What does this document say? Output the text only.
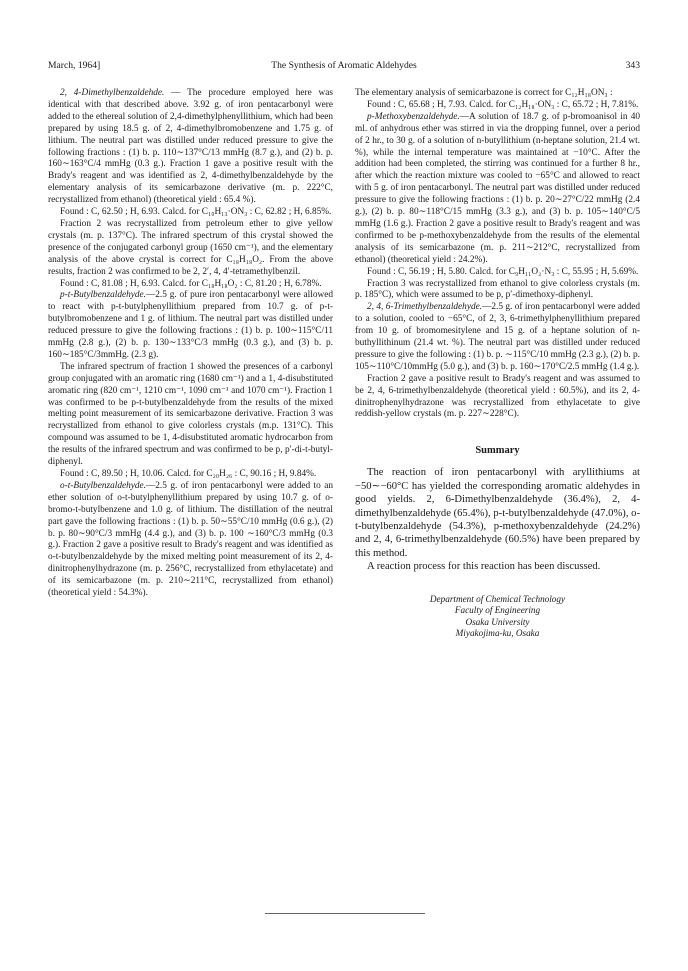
March, 1964]	The Synthesis of Aromatic Aldehydes	343

2, 4-Dimethylbenzaldehde. — The procedure employed here was identical with that described above. 3.92 g. of iron pentacarbonyl were added to the ethereal solution of 2,4-dimethylphenyllithium, which had been prepared by using 18.5 g. of 2, 4-dimethylbromobenzene and 1.75 g. of lithium. The neutral part was distilled under reduced pressure to give the following fractions : (1) b. p. 110∼137°C/13 mmHg (8.7 g.), and (2) b. p. 160∼163°C/4 mmHg (0.3 g.). Fraction 1 gave a positive result with the Brady's reagent and was identified as 2, 4-dimethylbenzaldehyde by the elementary analysis of its semicarbazone derivative (m. p. 222°C, recrystallized from ethanol) (theoretical yield : 65.4 %).

Found : C, 62.50 ; H, 6.93. Calcd. for C₁₀H₁₃·ON₃ : C, 62.82 ; H, 6.85%.

Fraction 2 was recrystallized from petroleum ether to give yellow crystals (m. p. 137°C). The infrared spectrum of this crystal showed the presence of the conjugated carbonyl group (1650 cm⁻¹), and the elementary analysis of the above crystal is correct for C₁₈H₁₈O₂. From the above results, fraction 2 was confirmed to be 2, 2′, 4, 4′-tetramethylbenzil.

Found : C, 81.08 ; H, 6.93. Calcd. for C₁₈H₁₈O₂ : C, 81.20 ; H, 6.78%.

p-t-Butylbenzaldehyde.—2.5 g. of pure iron pentacarbonyl were allowed to react with p-t-butylphenyllithium prepared from 10.7 g. of p-t-butylbromobenzene and 1 g. of lithium. The neutral part was distilled under reduced pressure to give the following fractions : (1) b. p. 100∼115°C/11 mmHg (2.8 g.), (2) b. p. 130∼133°C/3 mmHg (0.3 g.), and (3) b. p. 160∼185°C/3mmHg. (2.3 g).

The infrared spectrum of fraction 1 showed the presences of a carbonyl group conjugated with an aromatic ring (1680 cm⁻¹) and a 1, 4-disubstituted aromatic ring (820 cm⁻¹, 1210 cm⁻¹, 1090 cm⁻¹ and 1070 cm⁻¹). Fraction 1 was confirmed to be p-t-butylbenzaldehyde from the results of the mixed melting point measurement of its semicarbazone derivative. Fraction 3 was recrystallized from ethanol to give colorless crystals (m.p. 131°C). This compound was assumed to be 1, 4-disubstituted aromatic hydrocarbon from the results of the infrared spectrum and was confirmed to be p, p′-di-t-butyl-diphenyl.

Found : C, 89.50 ; H, 10.06. Calcd. for C₂₀H₂₆ : C, 90.16 ; H, 9.84%.

o-t-Butylbenzaldehyde.—2.5 g. of iron pentacarbonyl were added to an ether solution of o-t-butylphenyllithium prepared by using 10.7 g. of o-bromo-t-butylbenzene and 1.0 g. of lithium. The distillation of the neutral part gave the following fractions : (1) b. p. 50∼55°C/10 mmHg (0.6 g.), (2) b. p. 80∼90°C/3 mmHg (4.4 g.), and (3) b. p. 100 ∼160°C/3 mmHg (0.3 g.). Fraction 2 gave a positive result to Brady's reagent and was identified as o-t-butylbenzaldehyde by the mixed melting point measurement of its 2, 4-dinitrophenylhydrazone (m. p. 256°C, recrystallized from ethylacetate) and of its semicarbazone (m. p. 210∼211°C, recrystallized from ethanol) (theoretical yield : 54.3%).

The elementary analysis of semicarbazone is correct for C₁₂H₁₈ON₃ :

Found : C, 65.68 ; H, 7.93. Calcd. for C₁₂H₁₈·ON₃ : C, 65.72 ; H, 7.81%.

p-Methoxybenzaldehyde.—A solution of 18.7 g. of p-bromoanisol in 40 ml. of anhydrous ether was stirred in via the dropping funnel, over a period of 2 hr., to 30 g. of a solution of n-butyllithium (n-heptane solution, 21.4 wt. %), while the internal temperature was maintained at −10°C. After the addition had been completed, the stirring was continued for a further 8 hr., after which the reaction mixture was cooled to −65°C and allowed to react with 5 g. of iron pentacarbonyl. The neutral part was distilled under reduced pressure to give the following fractions : (1) b. p. 20∼27°C/22 mmHg (2.4 g.), (2) b. p. 80∼118°C/15 mmHg (3.3 g.), and (3) b. p. 105∼140°C/5 mmHg (1.6 g.). Fraction 2 gave a positive result to Brady's reagent and was confirmed to be p-methoxybenzaldehyde from the results of the elemental analysis of its semicarbazone (m. p. 211∼212°C, recrystallized from ethanol) (theoretical yield : 24.2%).

Found : C, 56.19 ; H, 5.80. Calcd. for C₉H₁₁O₂·N₃ : C, 55.95 ; H, 5.69%.

Fraction 3 was recrystallized from ethanol to give colorless crystals (m. p. 185°C), which were assumed to be p, p′-dimethoxy-diphenyl.

2, 4, 6-Trimethylbenzaldehyde.—2.5 g. of iron pentacarbonyl were added to a solution, cooled to −65°C, of 2, 3, 6-trimethylphenyllithium prepared from 10 g. of bromomesitylene and 15 g. of a heptane solution of n-buthyllithinum (21.4 wt. %). The neutral part was distilled under reduced pressure to give the following : (1) b. p. ∼115°C/10 mmHg (2.3 g.), (2) b. p. 105∼110°C/10mmHg (5.0 g.), and (3) b. p. 160∼170°C/2.5 mmHg (1.4 g.).

Fraction 2 gave a positive result to Brady's reagent and was assumed to be 2, 4, 6-trimethylbenzaldehyde (theoretical yield : 60.5%), and its 2, 4-dinitrophenylhydrazone was recrystallized from ethylacetate to give reddish-yellow crystals (m. p. 227∼228°C).

Summary

The reaction of iron pentacarbonyl with aryllithiums at −50∼−60°C has yielded the corresponding aromatic aldehydes in good yields. 2, 6-Dimethylbenzaldehyde (36.4%), 2, 4-dimethylbenzaldehyde (65.4%), p-t-butylbenzaldehyde (47.0%), o-t-butylbenzaldehyde (54.3%), p-methoxybenzaldehyde (24.2%) and 2, 4, 6-trimethylbenzaldehyde (60.5%) have been prepared by this method.

A reaction process for this reaction has been discussed.

Department of Chemical Technology
Faculty of Engineering
Osaka University
Miyakojima-ku, Osaka
